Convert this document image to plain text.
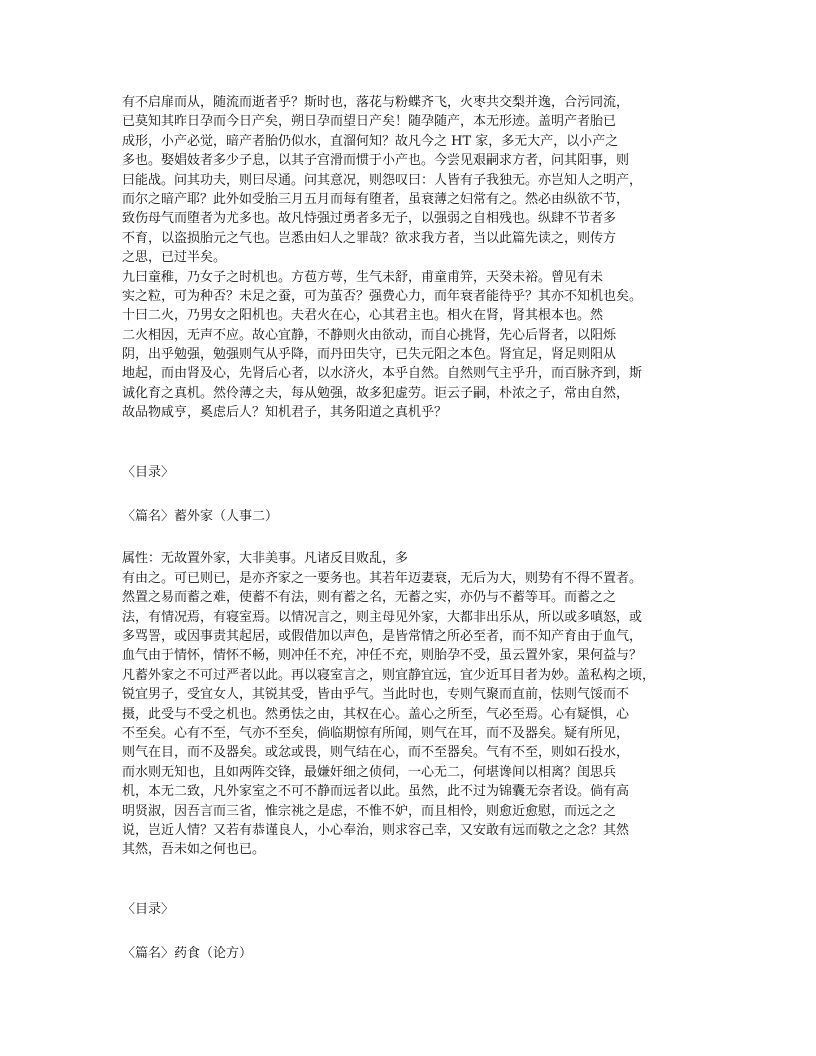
有不启扉而从，随流而逝者乎？斯时也，落花与粉蝶齐飞，火枣共交梨并逸，合污同流，
已莫知其昨日孕而今日产矣，朔日孕而望日产矣！随孕随产，本无形迹。盖明产者胎已
成形，小产必觉，暗产者胎仍似水，直溜何知？故凡今之 HT 家，多无大产，以小产之
多也。娶娼妓者多少子息，以其子宫滑而惯于小产也。今尝见艰嗣求方者，问其阳事，则
曰能战。问其功夫，则曰尽通。问其意况，则怨叹曰：人皆有子我独无。亦岂知人之明产，
而尔之暗产耶？此外如受胎三月五月而每有堕者，虽衰薄之妇常有之。然必由纵欲不节，
致伤母气而堕者为尤多也。故凡恃强过勇者多无子，以强弱之自相残也。纵肆不节者多
不育，以盗损胎元之气也。岂悉由妇人之罪哉？欲求我方者，当以此篇先读之，则传方
之思，已过半矣。
九曰童稚，乃女子之时机也。方苞方萼，生气未舒，甫童甫笄，天癸未裕。曾见有未
实之粒，可为种否？未足之蚕，可为茧否？强费心力，而年衰者能待乎？其亦不知机也矣。
十曰二火，乃男女之阳机也。夫君火在心，心其君主也。相火在肾，肾其根本也。然
二火相因，无声不应。故心宜静，不静则火由欲动，而自心挑肾，先心后肾者，以阳烁
阴，出乎勉强，勉强则气从乎降，而丹田失守，已失元阳之本色。肾宜足，肾足则阳从
地起，而由肾及心，先肾后心者，以水济火，本乎自然。自然则气主乎升，而百脉齐到，斯
诚化育之真机。然伶薄之夫，每从勉强，故多犯虚劳。讵云子嗣，朴浓之子，常由自然，
故品物咸亨，奚虑后人？知机君子，其务阳道之真机乎？
〈目录〉
〈篇名〉蓄外家（人事二）
属性：无故置外家，大非美事。凡诸反目败乱，多
有由之。可已则已，是亦齐家之一要务也。其若年迈妻衰，无后为大，则势有不得不置者。
然置之易而蓄之难，使蓄不有法，则有蓄之名，无蓄之实，亦仍与不蓄等耳。而蓄之之
法，有情况焉，有寝室焉。以情况言之，则主母见外家，大都非出乐从，所以或多嗔怒，或
多骂詈，或因事责其起居，或假借加以声色，是皆常情之所必至者，而不知产育由于血气，
血气由于情怀，情怀不畅，则冲任不充，冲任不充，则胎孕不受，虽云置外家，果何益与？
凡蓄外家之不可过严者以此。再以寝室言之，则宜静宜远，宜少近耳目者为妙。盖私构之顷，
锐宜男子，受宜女人，其锐其受，皆由乎气。当此时也，专则气聚而直前，怯则气馁而不
摄，此受与不受之机也。然勇怯之由，其权在心。盖心之所至，气必至焉。心有疑惧，心
不至矣。心有不至，气亦不至矣，倘临期惊有所闻，则气在耳，而不及器矣。疑有所见，
则气在目，而不及器矣。或忿或畏，则气结在心，而不至器矣。气有不至，则如石投水，
而水则无知也，且如两阵交锋，最嫌奸细之侦伺，一心无二，何堪谗间以相离？闺思兵
机，本无二致，凡外家室之不可不静而远者以此。虽然，此不过为锦囊无奈者设。倘有高
明贤淑，因吾言而三省，惟宗祧之是虑，不惟不妒，而且相怜，则愈近愈慰，而远之之
说，岂近人情？又若有恭谨良人，小心奉治，则求容己幸，又安敢有远而敬之之念？其然
其然，吾未如之何也已。
〈目录〉
〈篇名〉药食（论方）
